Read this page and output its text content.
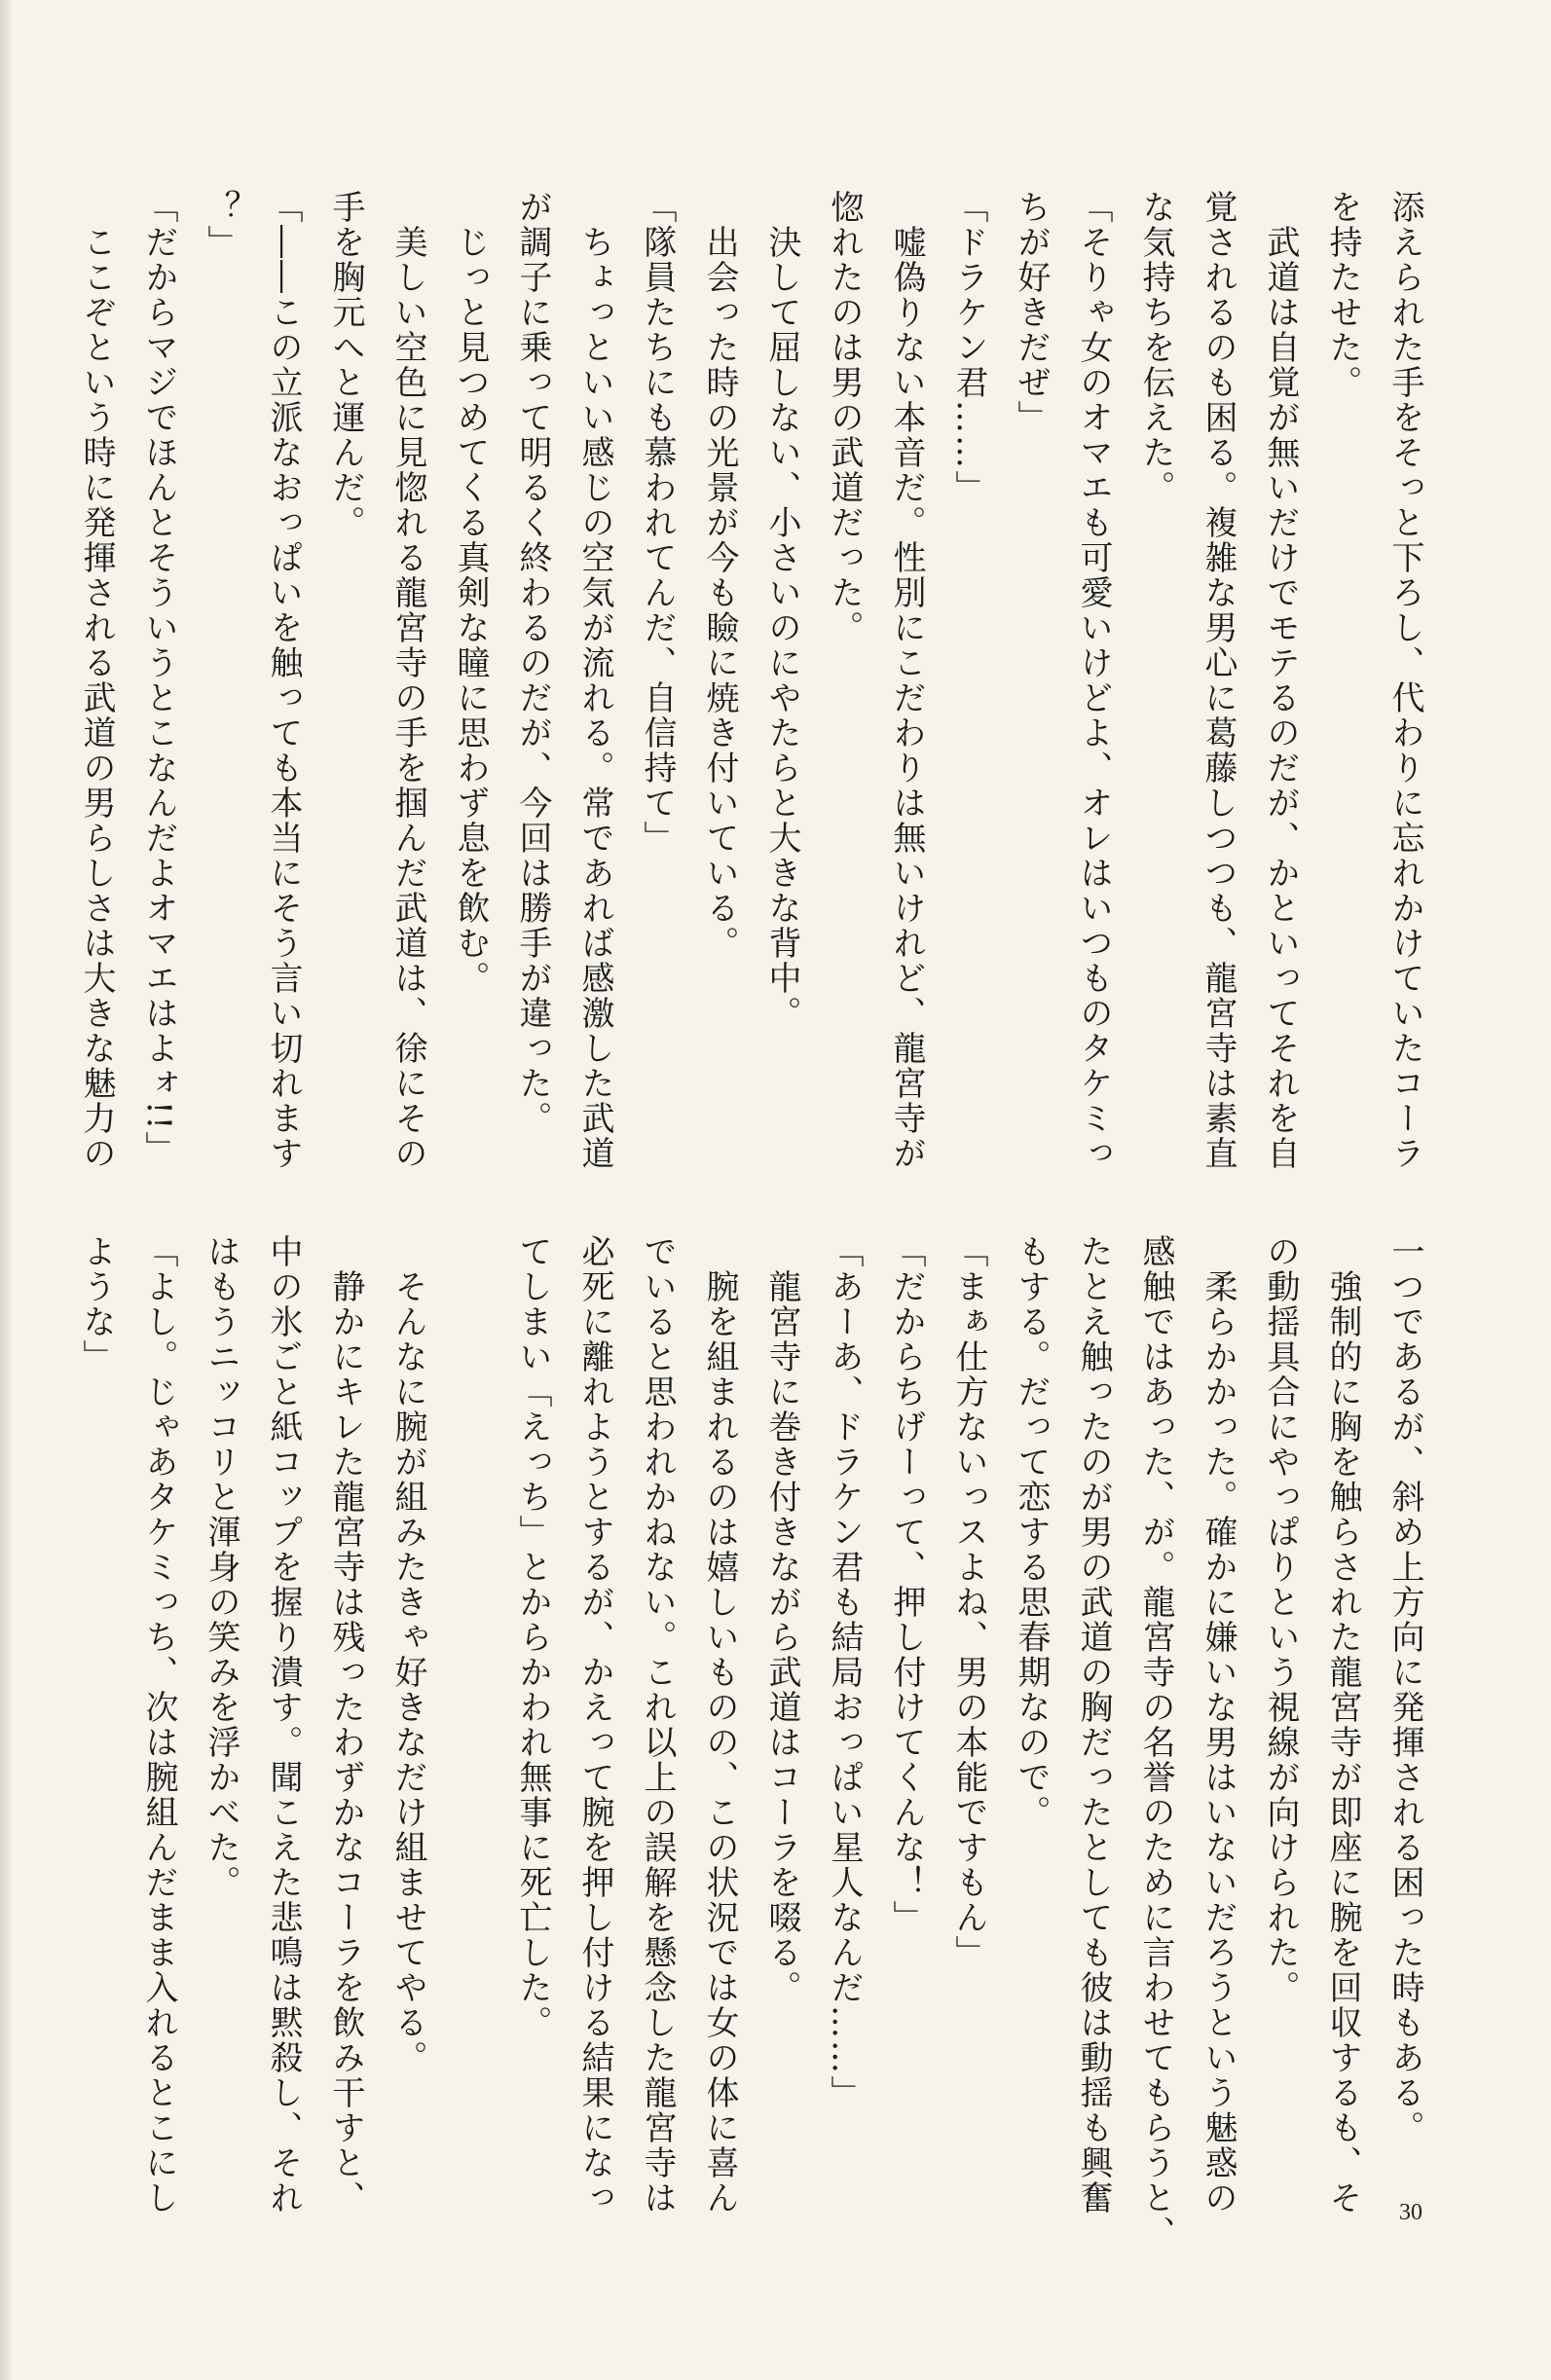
添えられた手をそっと下ろし、代わりに忘れかけていたコーラ
を持たせた。
　武道は自覚が無いだけでモテるのだが、かといってそれを自
覚されるのも困る。複雑な男心に葛藤しつつも、龍宮寺は素直
な気持ちを伝えた。
「そりゃ女のオマエも可愛いけどよ、オレはいつものタケミっ
ちが好きだぜ」
「ドラケン君……」
　嘘偽りない本音だ。性別にこだわりは無いけれど、龍宮寺が
惚れたのは男の武道だった。
　決して屈しない、小さいのにやたらと大きな背中。
　出会った時の光景が今も瞼に焼き付いている。
「隊員たちにも慕われてんだ、自信持て」
　ちょっといい感じの空気が流れる。常であれば感激した武道
が調子に乗って明るく終わるのだが、今回は勝手が違った。
　じっと見つめてくる真剣な瞳に思わず息を飲む。
　美しい空色に見惚れる龍宮寺の手を掴んだ武道は、徐にその
手を胸元へと運んだ。
「――この立派なおっぱいを触っても本当にそう言い切れます
？」
「だからマジでほんとそういうとこなんだよオマエはよォ!!」
　ここぞという時に発揮される武道の男らしさは大きな魅力の
一つであるが、斜め上方向に発揮される困った時もある。
　強制的に胸を触らされた龍宮寺が即座に腕を回収するも、そ
の動揺具合にやっぱりという視線が向けられた。
　柔らかかった。確かに嫌いな男はいないだろうという魅惑の
感触ではあった、が。龍宮寺の名誉のために言わせてもらうと、
たとえ触ったのが男の武道の胸だったとしても彼は動揺も興奮
もする。だって恋する思春期なので。
「まぁ仕方ないっスよね、男の本能ですもん」
「だからちげーって、押し付けてくんな！」
「あーあ、ドラケン君も結局おっぱい星人なんだ……」
　龍宮寺に巻き付きながら武道はコーラを啜る。
　腕を組まれるのは嬉しいものの、この状況では女の体に喜ん
でいると思われかねない。これ以上の誤解を懸念した龍宮寺は
必死に離れようとするが、かえって腕を押し付ける結果になっ
てしまい「えっち」とからかわれ無事に死亡した。

　そんなに腕が組みたきゃ好きなだけ組ませてやる。
　静かにキレた龍宮寺は残ったわずかなコーラを飲み干すと、
中の氷ごと紙コップを握り潰す。聞こえた悲鳴は黙殺し、それ
はもうニッコリと渾身の笑みを浮かべた。
「よし。じゃあタケミっち、次は腕組んだまま入れるとこにし
ような」
30
